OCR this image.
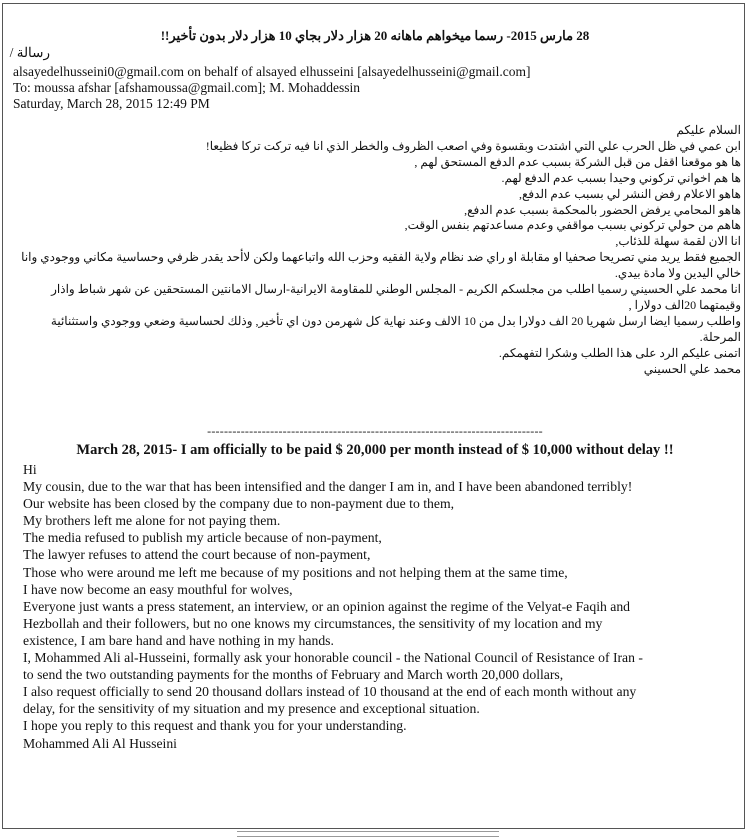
28 مارس 2015- رسما ميخواهم ماهانه 20 هزار دلار بجاي 10 هزار دلار بدون تأخير!!
رسالة /
alsayedelhusseini0@gmail.com on behalf of alsayed elhusseini [alsayedelhusseini@gmail.com]
To: moussa afshar [afshamoussa@gmail.com]; M. Mohaddessin
Saturday, March 28, 2015 12:49 PM
السلام عليكم
ابن عمي في ظل الحرب علي التي اشتدت وبقسوة وفي اصعب الظروف والخطر الذي انا فيه تركت تركا فظيعا!
ها هو موقعنا اقفل من قبل الشركة بسبب عدم الدفع المستحق لهم ,
ها هم اخواني تركوني وحيدا بسبب عدم الدفع لهم.
هاهو الاعلام رفض النشر لي بسبب عدم الدفع,
هاهو المحامي يرفض الحضور بالمحكمة بسبب عدم الدفع,
هاهم من حولي تركوني بسبب مواقفي وعدم مساعدتهم بنفس الوقت,
انا الان لقمة سهلة للذئاب,
الجميع فقط يريد مني تصريحا صحفيا او مقابلة او راي ضد نظام ولاية الفقيه وحزب الله واتباعهما ولكن لاأحد يقدر ظرفي وحساسية مكاني ووجودي وانا خالي اليدين ولا مادة بيدي.
انا محمد علي الحسيني رسميا اطلب من مجلسكم الكريم - المجلس الوطني للمقاومة الايرانية-ارسال الامانتين المستحقين عن شهر شباط واذار وقيمتهما 20الف دولارا ,
واطلب رسميا ايضا ارسل شهريا 20 الف دولارا بدل من 10 الالف وعند نهاية كل شهرمن دون اي تأخير, وذلك لحساسية وضعي ووجودي واستثنائية المرحلة.
اتمنى عليكم الرد على هذا الطلب وشكرا لتفهمكم.
محمد علي الحسيني
--------------------------------------------------------------------------------
March 28, 2015- I am officially to be paid $ 20,000 per month instead of $ 10,000 without delay !!
Hi
My cousin, due to the war that has been intensified and the danger I am in, and I have been abandoned terribly!
Our website has been closed by the company due to non-payment due to them,
My brothers left me alone for not paying them.
The media refused to publish my article because of non-payment,
The lawyer refuses to attend the court because of non-payment,
Those who were around me left me because of my positions and not helping them at the same time,
I have now become an easy mouthful for wolves,
Everyone just wants a press statement, an interview, or an opinion against the regime of the Velyat-e Faqih and
Hezbollah and their followers, but no one knows my circumstances, the sensitivity of my location and my
existence, I am bare hand and have nothing in my hands.
I, Mohammed Ali al-Husseini, formally ask your honorable council - the National Council of Resistance of Iran -
to send the two outstanding payments for the months of February and March worth 20,000 dollars,
I also request officially to send 20 thousand dollars instead of 10 thousand at the end of each month without any
delay, for the sensitivity of my situation and my presence and exceptional situation.
I hope you reply to this request and thank you for your understanding.
Mohammed Ali Al Husseini
